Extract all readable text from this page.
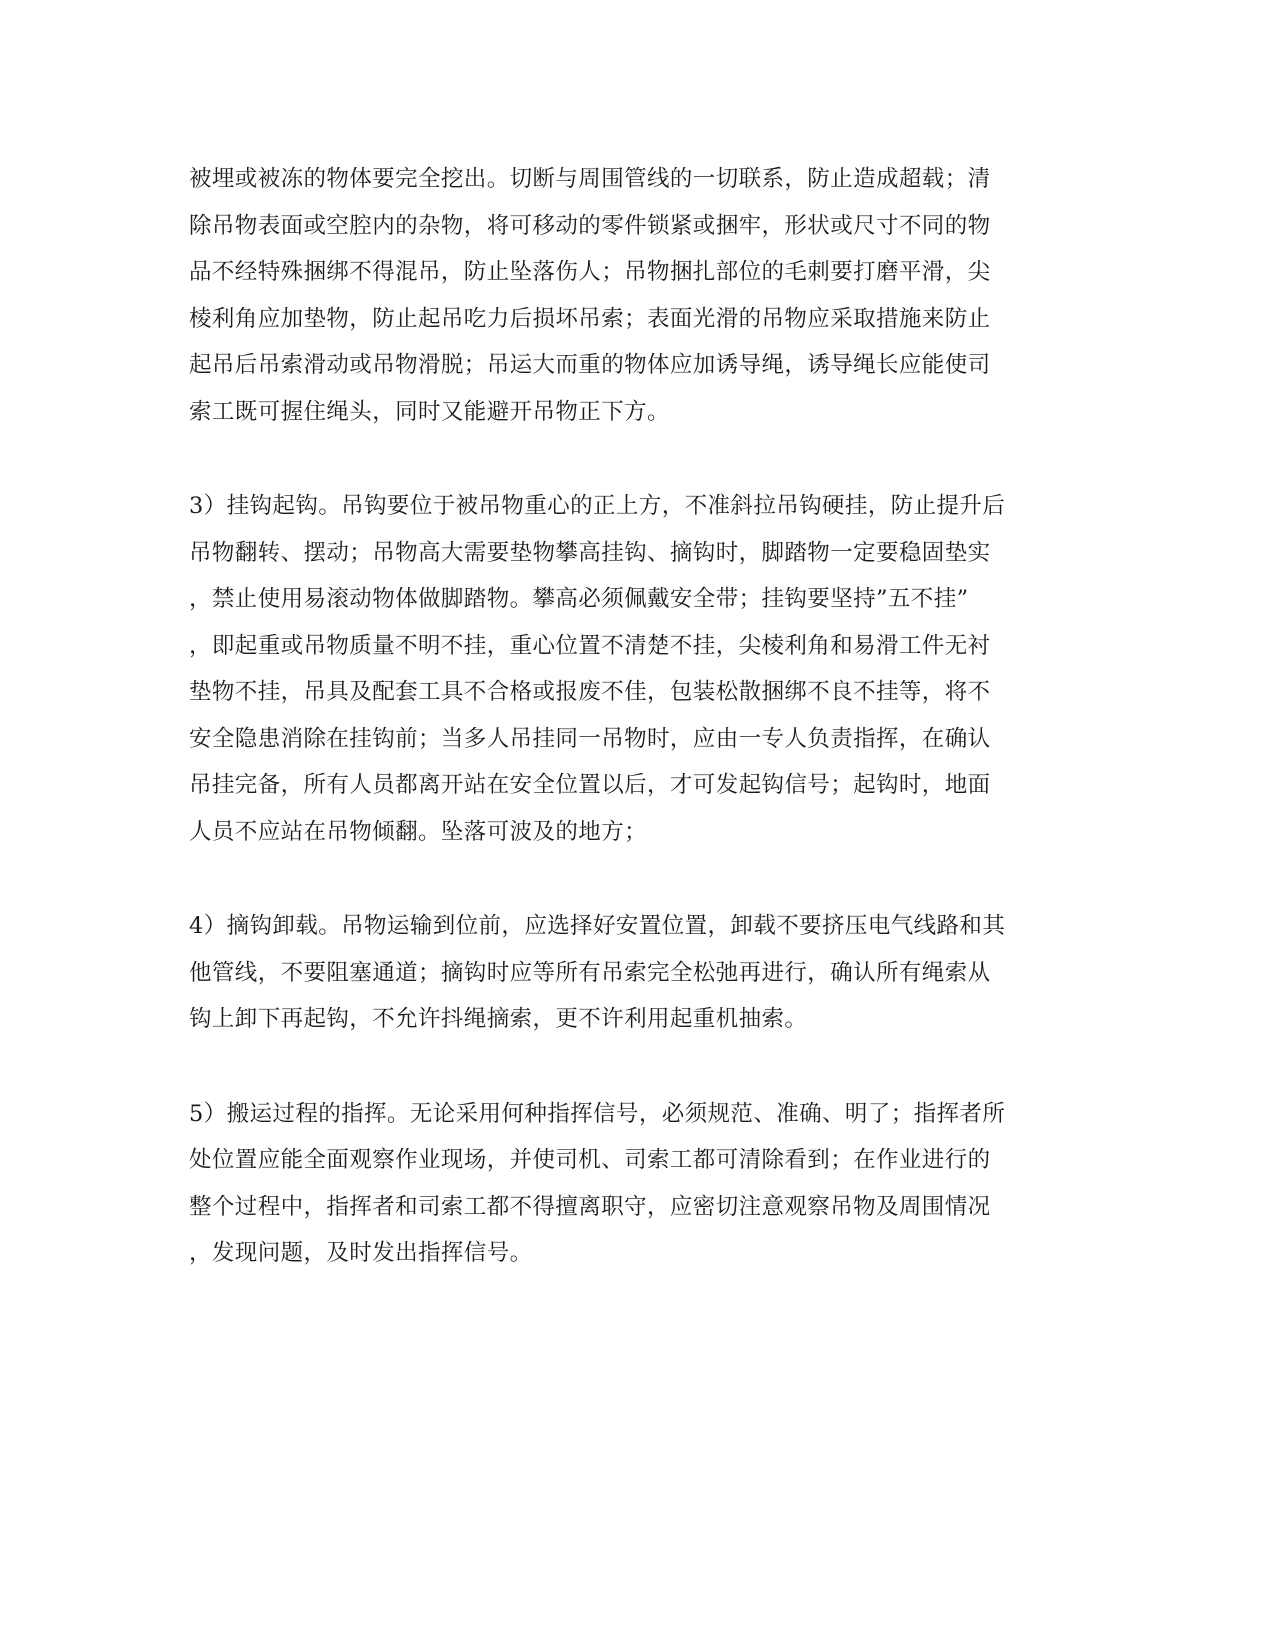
被埋或被冻的物体要完全挖出。切断与周围管线的一切联系，防止造成超载；清
除吊物表面或空腔内的杂物，将可移动的零件锁紧或捆牢，形状或尺寸不同的物
品不经特殊捆绑不得混吊，防止坠落伤人；吊物捆扎部位的毛刺要打磨平滑，尖
棱利角应加垫物，防止起吊吃力后损坏吊索；表面光滑的吊物应采取措施来防止
起吊后吊索滑动或吊物滑脱；吊运大而重的物体应加诱导绳，诱导绳长应能使司
索工既可握住绳头，同时又能避开吊物正下方。
3）挂钩起钩。吊钩要位于被吊物重心的正上方，不准斜拉吊钩硬挂，防止提升后
吊物翻转、摆动；吊物高大需要垫物攀高挂钩、摘钩时，脚踏物一定要稳固垫实
，禁止使用易滚动物体做脚踏物。攀高必须佩戴安全带；挂钩要坚持”五不挂”
，即起重或吊物质量不明不挂，重心位置不清楚不挂，尖棱利角和易滑工件无衬
垫物不挂，吊具及配套工具不合格或报废不佳，包装松散捆绑不良不挂等，将不
安全隐患消除在挂钩前；当多人吊挂同一吊物时，应由一专人负责指挥，在确认
吊挂完备，所有人员都离开站在安全位置以后，才可发起钩信号；起钩时，地面
人员不应站在吊物倾翻。坠落可波及的地方；
4）摘钩卸载。吊物运输到位前，应选择好安置位置，卸载不要挤压电气线路和其
他管线，不要阻塞通道；摘钩时应等所有吊索完全松弛再进行，确认所有绳索从
钩上卸下再起钩，不允许抖绳摘索，更不许利用起重机抽索。
5）搬运过程的指挥。无论采用何种指挥信号，必须规范、准确、明了；指挥者所
处位置应能全面观察作业现场，并使司机、司索工都可清除看到；在作业进行的
整个过程中，指挥者和司索工都不得擅离职守，应密切注意观察吊物及周围情况
，发现问题，及时发出指挥信号。
